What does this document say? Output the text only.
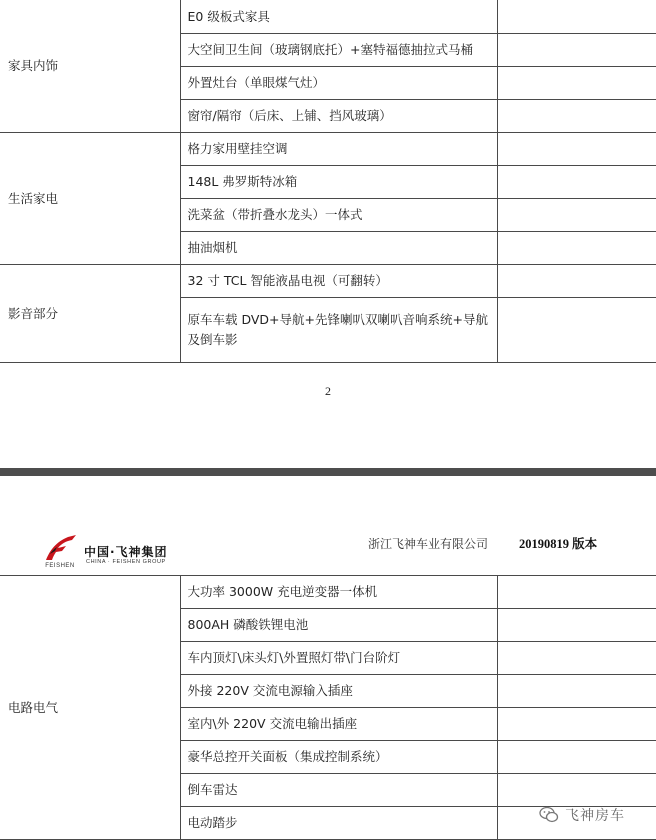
家具内饰	E0 级板式家具	
	大空间卫生间（玻璃钢底托）+塞特福德抽拉式马桶	
	外置灶台（单眼煤气灶）	
	窗帘/隔帘（后床、上铺、挡风玻璃）	
生活家电	格力家用壁挂空调	
	148L 弗罗斯特冰箱	
	洗菜盆（带折叠水龙头）一体式	
	抽油烟机	
影音部分	32 寸 TCL 智能液晶电视（可翻转）	
	原车车载 DVD+导航+先锋喇叭双喇叭音响系统+导航及倒车影	
2
FEISHEN
中国·飞神集团
CHINA · FEISHEN GROUP
浙江飞神车业有限公司 20190819 版本
电路电气	大功率 3000W 充电逆变器一体机	
	800AH 磷酸铁锂电池	
	车内顶灯\床头灯\外置照灯带\门台阶灯	
	外接 220V 交流电源输入插座	
	室内\外 220V 交流电输出插座	
	豪华总控开关面板（集成控制系统）	
	倒车雷达	
	电动踏步		飞神房车
